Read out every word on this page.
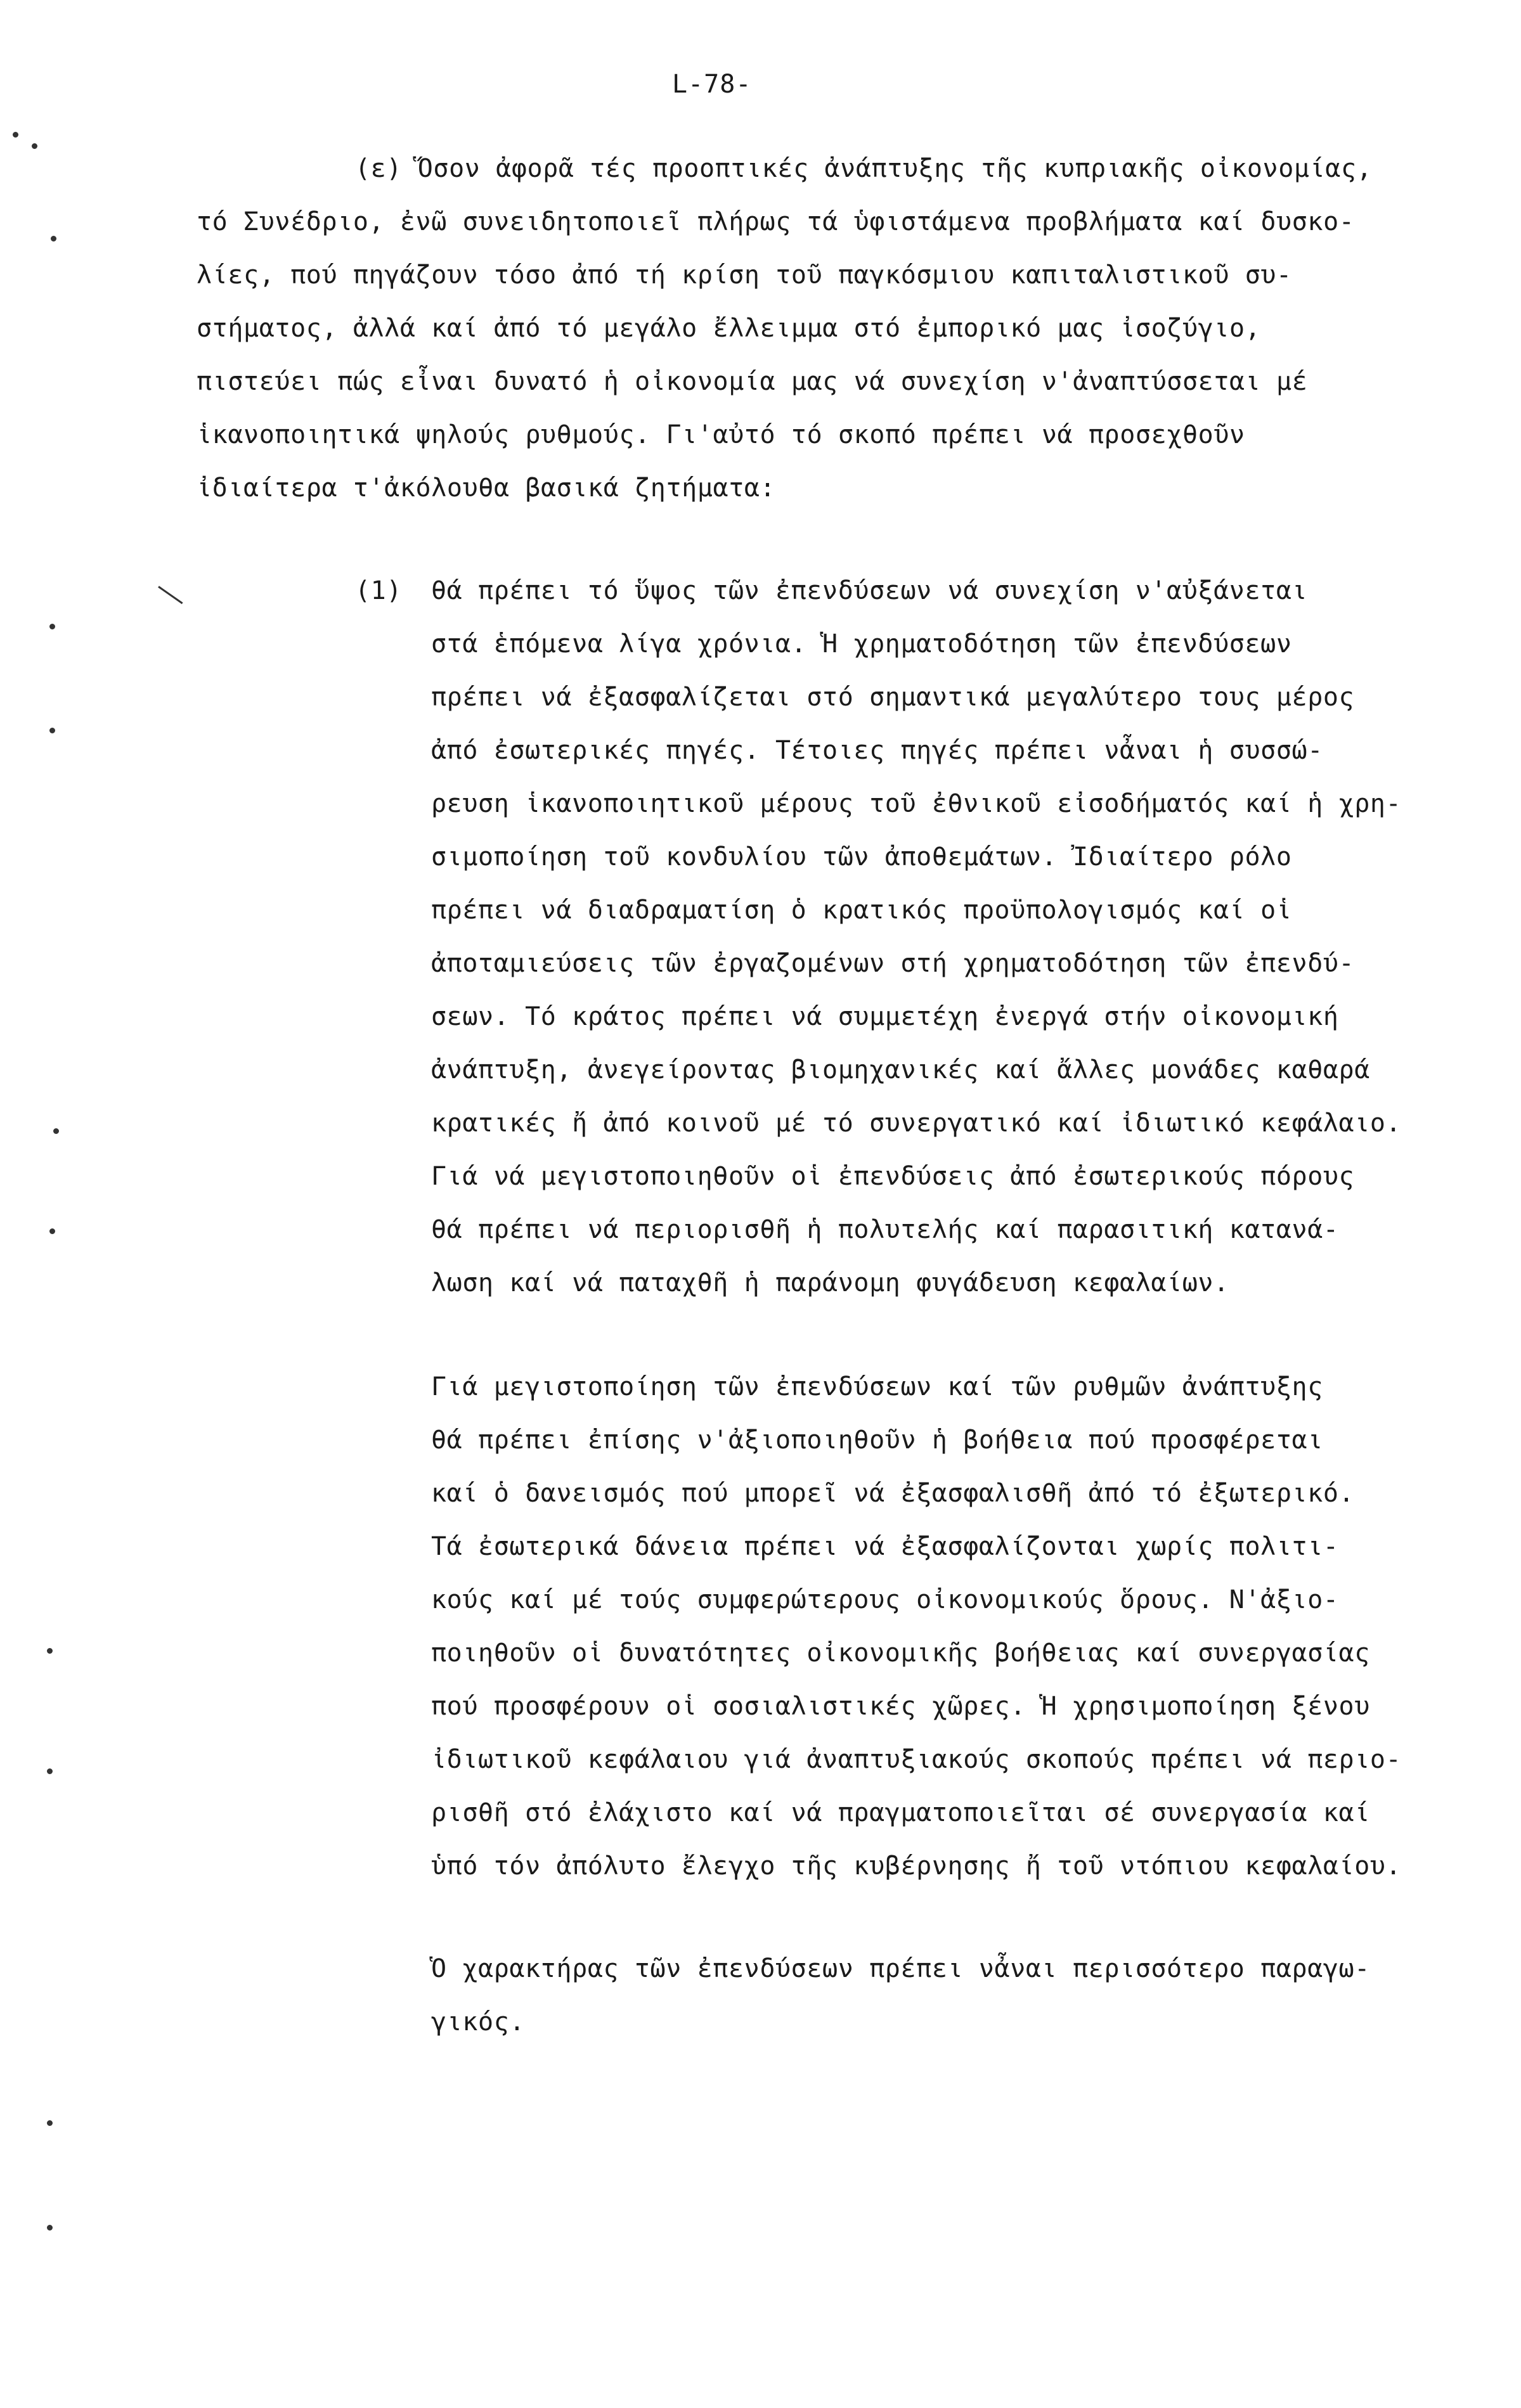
L-78-
(ε) Ὅσον ἀφορᾶ τές προοπτικές ἀνάπτυξης τῆς κυπριακῆς οἰκονομίας,
τό Συνέδριο, ἐνῶ συνειδητοποιεῖ πλήρως τά ὑφιστάμενα προβλήματα καί δυσκο-
λίες, πού πηγάζουν τόσο ἀπό τή κρίση τοῦ παγκόσμιου καπιταλιστικοῦ συ-
στήματος, ἀλλά καί ἀπό τό μεγάλο ἔλλειμμα στό ἐμπορικό μας ἰσοζύγιο,
πιστεύει πώς εἶναι δυνατό ἡ οἰκονομία μας νά συνεχίση ν'ἀναπτύσσεται μέ
ἱκανοποιητικά ψηλούς ρυθμούς. Γι'αὐτό τό σκοπό πρέπει νά προσεχθοῦν
ἰδιαίτερα τ'ἀκόλουθα βασικά ζητήματα:
(1) θά πρέπει τό ὕψος τῶν ἐπενδύσεων νά συνεχίση ν'αὐξάνεται
στά ἑπόμενα λίγα χρόνια. Ἡ χρηματοδότηση τῶν ἐπενδύσεων
πρέπει νά ἐξασφαλίζεται στό σημαντικά μεγαλύτερο τους μέρος
ἀπό ἐσωτερικές πηγές. Τέτοιες πηγές πρέπει νἆναι ἡ συσσώ-
ρευση ἱκανοποιητικοῦ μέρους τοῦ ἐθνικοῦ εἰσοδήματός καί ἡ χρη-
σιμοποίηση τοῦ κονδυλίου τῶν ἀποθεμάτων. Ἰδιαίτερο ρόλο
πρέπει νά διαδραματίση ὁ κρατικός προϋπολογισμός καί οἱ
ἀποταμιεύσεις τῶν ἐργαζομένων στή χρηματοδότηση τῶν ἐπενδύ-
σεων. Τό κράτος πρέπει νά συμμετέχη ἐνεργά στήν οἰκονομική
ἀνάπτυξη, ἀνεγείροντας βιομηχανικές καί ἄλλες μονάδες καθαρά
κρατικές ἤ ἀπό κοινοῦ μέ τό συνεργατικό καί ἰδιωτικό κεφάλαιο.
Γιά νά μεγιστοποιηθοῦν οἱ ἐπενδύσεις ἀπό ἐσωτερικούς πόρους
θά πρέπει νά περιορισθῆ ἡ πολυτελής καί παρασιτική κατανά-
λωση καί νά παταχθῆ ἡ παράνομη φυγάδευση κεφαλαίων.
Γιά μεγιστοποίηση τῶν ἐπενδύσεων καί τῶν ρυθμῶν ἀνάπτυξης
θά πρέπει ἐπίσης ν'ἀξιοποιηθοῦν ἡ βοήθεια πού προσφέρεται
καί ὁ δανεισμός πού μπορεῖ νά ἐξασφαλισθῆ ἀπό τό ἐξωτερικό.
Τά ἐσωτερικά δάνεια πρέπει νά ἐξασφαλίζονται χωρίς πολιτι-
κούς καί μέ τούς συμφερώτερους οἰκονομικούς ὅρους. Ν'ἀξιο-
ποιηθοῦν οἱ δυνατότητες οἰκονομικῆς βοήθειας καί συνεργασίας
πού προσφέρουν οἱ σοσιαλιστικές χῶρες. Ἡ χρησιμοποίηση ξένου
ἰδιωτικοῦ κεφάλαιου γιά ἀναπτυξιακούς σκοπούς πρέπει νά περιο-
ρισθῆ στό ἐλάχιστο καί νά πραγματοποιεῖται σέ συνεργασία καί
ὑπό τόν ἀπόλυτο ἔλεγχο τῆς κυβέρνησης ἤ τοῦ ντόπιου κεφαλαίου.
Ὁ χαρακτήρας τῶν ἐπενδύσεων πρέπει νἆναι περισσότερο παραγω-
γικός.
